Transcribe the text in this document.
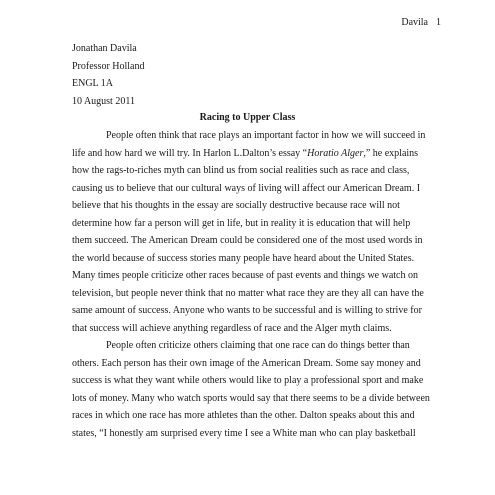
Davila 1
Jonathan Davila
Professor Holland
ENGL 1A
10 August 2011
Racing to Upper Class
People often think that race plays an important factor in how we will succeed in
life and how hard we will try. In Harlon L.Dalton’s essay “Horatio Alger,” he explains
how the rags-to-riches myth can blind us from social realities such as race and class,
causing us to believe that our cultural ways of living will affect our American Dream. I
believe that his thoughts in the essay are socially destructive because race will not
determine how far a person will get in life, but in reality it is education that will help
them succeed. The American Dream could be considered one of the most used words in
the world because of success stories many people have heard about the United States.
Many times people criticize other races because of past events and things we watch on
television, but people never think that no matter what race they are they all can have the
same amount of success. Anyone who wants to be successful and is willing to strive for
that success will achieve anything regardless of race and the Alger myth claims.
People often criticize others claiming that one race can do things better than
others. Each person has their own image of the American Dream. Some say money and
success is what they want while others would like to play a professional sport and make
lots of money. Many who watch sports would say that there seems to be a divide between
races in which one race has more athletes than the other. Dalton speaks about this and
states, “I honestly am surprised every time I see a White man who can play basketball
